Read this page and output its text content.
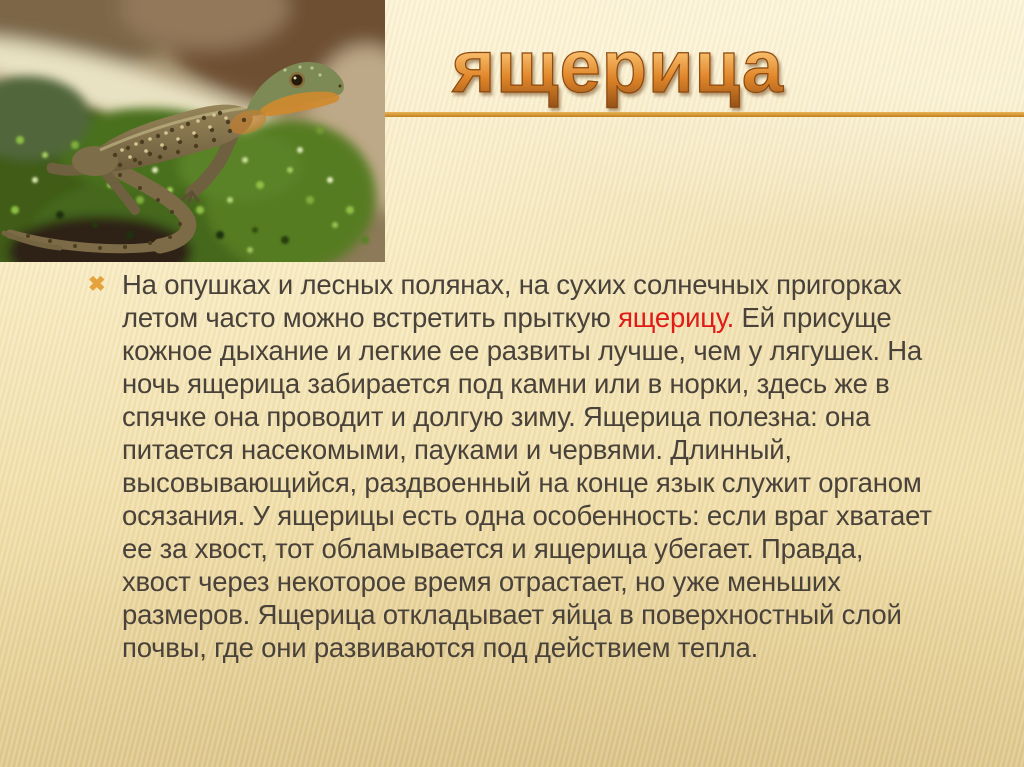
ящерица
✖ На опушках и лесных полянах, на сухих солнечных пригорках летом часто можно встретить прыткую ящерицу. Ей присуще кожное дыхание и легкие ее развиты лучше, чем у лягушек. На ночь ящерица забирается под камни или в норки, здесь же в спячке она проводит и долгую зиму. Ящерица полезна: она питается насекомыми, пауками и червями. Длинный, высовывающийся, раздвоенный на конце язык служит органом осязания. У ящерицы есть одна особенность: если враг хватает ее за хвост, тот обламывается и ящерица убегает. Правда, хвост через некоторое время отрастает, но уже меньших размеров. Ящерица откладывает яйца в поверхностный слой почвы, где они развиваются под действием тепла.
